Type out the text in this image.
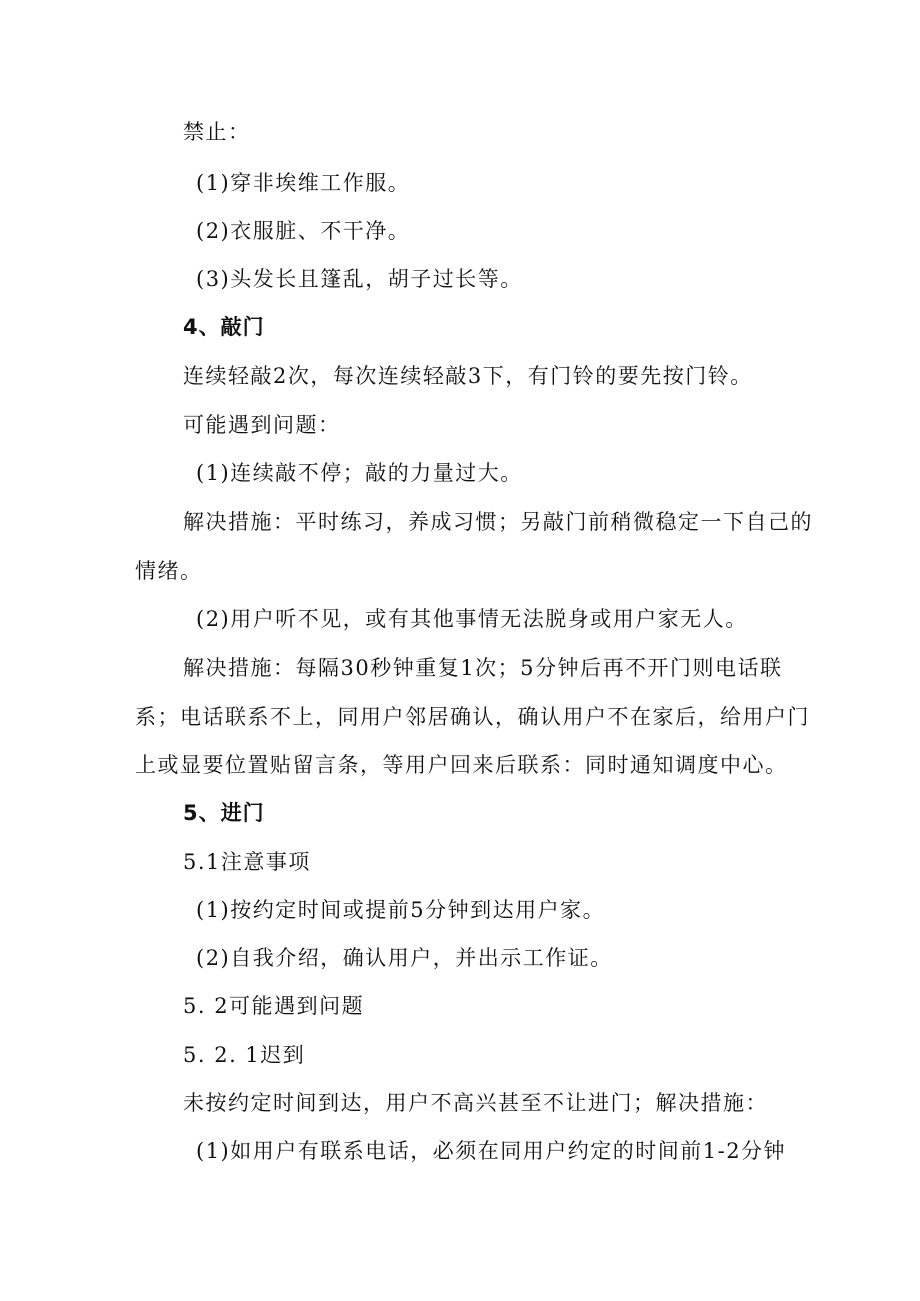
禁止：
(1)穿非埃维工作服。
(2)衣服脏、不干净。
(3)头发长且篷乱，胡子过长等。
4、敲门
连续轻敲2次，每次连续轻敲3下，有门铃的要先按门铃。
可能遇到问题：
(1)连续敲不停；敲的力量过大。
解决措施：平时练习，养成习惯；另敲门前稍微稳定一下自己的
情绪。
(2)用户听不见，或有其他事情无法脱身或用户家无人。
解决措施：每隔30秒钟重复1次；5分钟后再不开门则电话联
系；电话联系不上，同用户邻居确认，确认用户不在家后，给用户门
上或显要位置贴留言条，等用户回来后联系：同时通知调度中心。
5、进门
5.1注意事项
(1)按约定时间或提前5分钟到达用户家。
(2)自我介绍，确认用户，并出示工作证。
5. 2可能遇到问题
5. 2. 1迟到
未按约定时间到达，用户不高兴甚至不让进门；解决措施：
(1)如用户有联系电话，必须在同用户约定的时间前1-2分钟
